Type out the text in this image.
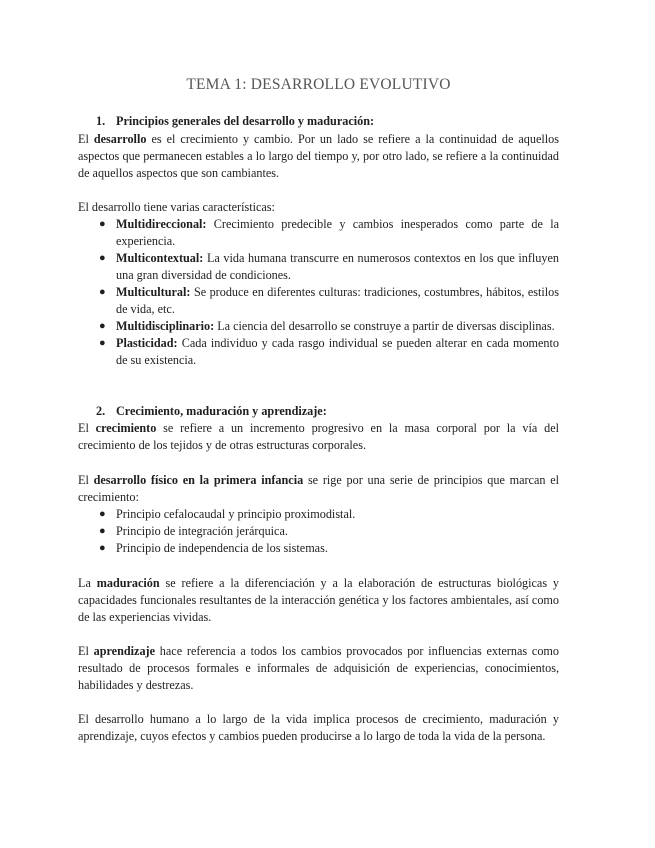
TEMA 1: DESARROLLO EVOLUTIVO
1. Principios generales del desarrollo y maduración:
El desarrollo es el crecimiento y cambio. Por un lado se refiere a la continuidad de aquellos aspectos que permanecen estables a lo largo del tiempo y, por otro lado, se refiere a la continuidad de aquellos aspectos que son cambiantes.
El desarrollo tiene varias características:
● Multidireccional: Crecimiento predecible y cambios inesperados como parte de la experiencia.
● Multicontextual: La vida humana transcurre en numerosos contextos en los que influyen una gran diversidad de condiciones.
● Multicultural: Se produce en diferentes culturas: tradiciones, costumbres, hábitos, estilos de vida, etc.
● Multidisciplinario: La ciencia del desarrollo se construye a partir de diversas disciplinas.
● Plasticidad: Cada individuo y cada rasgo individual se pueden alterar en cada momento de su existencia.
2. Crecimiento, maduración y aprendizaje:
El crecimiento se refiere a un incremento progresivo en la masa corporal por la vía del crecimiento de los tejidos y de otras estructuras corporales.
El desarrollo físico en la primera infancia se rige por una serie de principios que marcan el crecimiento:
● Principio cefalocaudal y principio proximodistal.
● Principio de integración jerárquica.
● Principio de independencia de los sistemas.
La maduración se refiere a la diferenciación y a la elaboración de estructuras biológicas y capacidades funcionales resultantes de la interacción genética y los factores ambientales, así como de las experiencias vividas.
El aprendizaje hace referencia a todos los cambios provocados por influencias externas como resultado de procesos formales e informales de adquisición de experiencias, conocimientos, habilidades y destrezas.
El desarrollo humano a lo largo de la vida implica procesos de crecimiento, maduración y aprendizaje, cuyos efectos y cambios pueden producirse a lo largo de toda la vida de la persona.
